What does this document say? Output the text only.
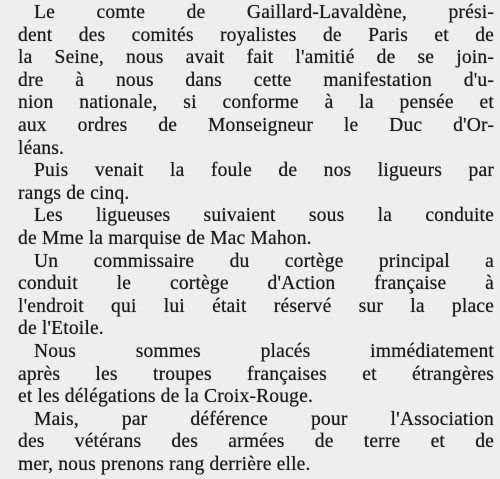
Le comte de Gaillard-Lavaldène, prési-
dent des comités royalistes de Paris et de
la Seine, nous avait fait l'amitié de se join-
dre à nous dans cette manifestation d'u-
nion nationale, si conforme à la pensée et
aux ordres de Monseigneur le Duc d'Or-
léans.

Puis venait la foule de nos ligueurs par
rangs de cinq.

Les ligueuses suivaient sous la conduite
de Mme la marquise de Mac Mahon.

Un commissaire du cortège principal a
conduit le cortège d'Action française à
l'endroit qui lui était réservé sur la place
de l'Etoile.

Nous sommes placés immédiatement
après les troupes françaises et étrangères
et les délégations de la Croix-Rouge.

Mais, par déférence pour l'Association
des vétérans des armées de terre et de
mer, nous prenons rang derrière elle.
